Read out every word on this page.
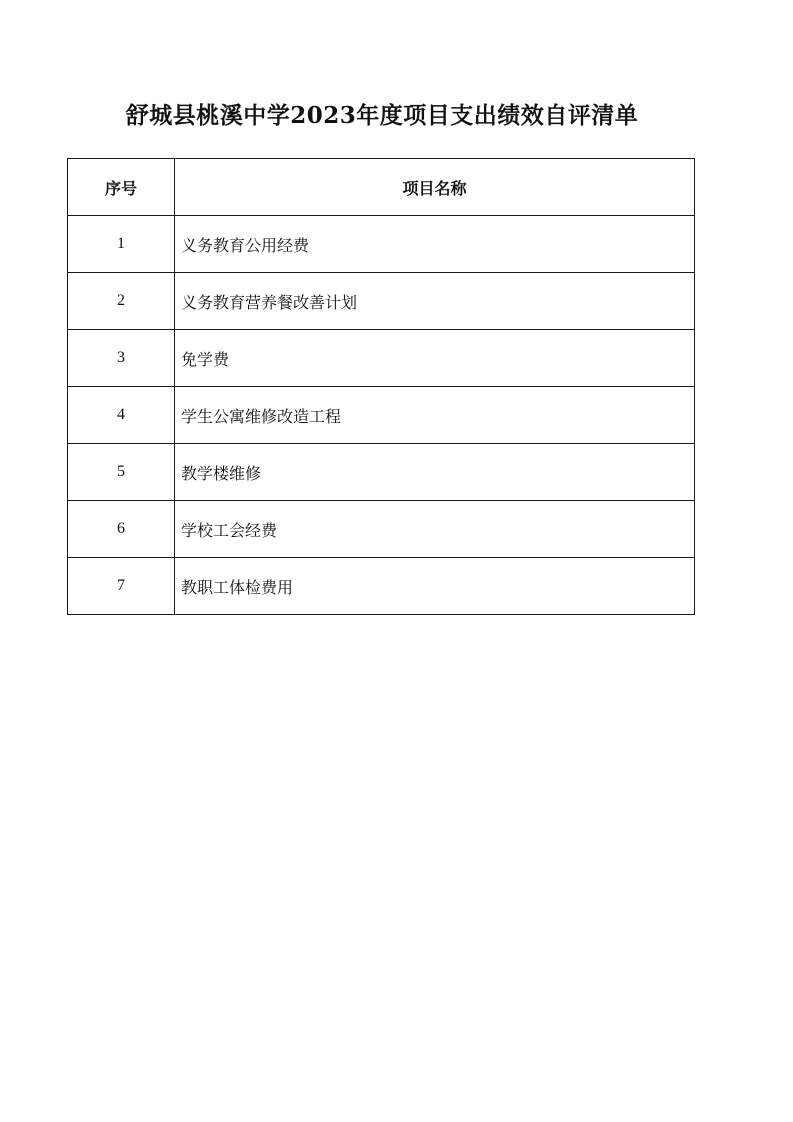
舒城县桃溪中学2023年度项目支出绩效自评清单
序号	项目名称
1	义务教育公用经费
2	义务教育营养餐改善计划
3	免学费
4	学生公寓维修改造工程
5	教学楼维修
6	学校工会经费
7	教职工体检费用
